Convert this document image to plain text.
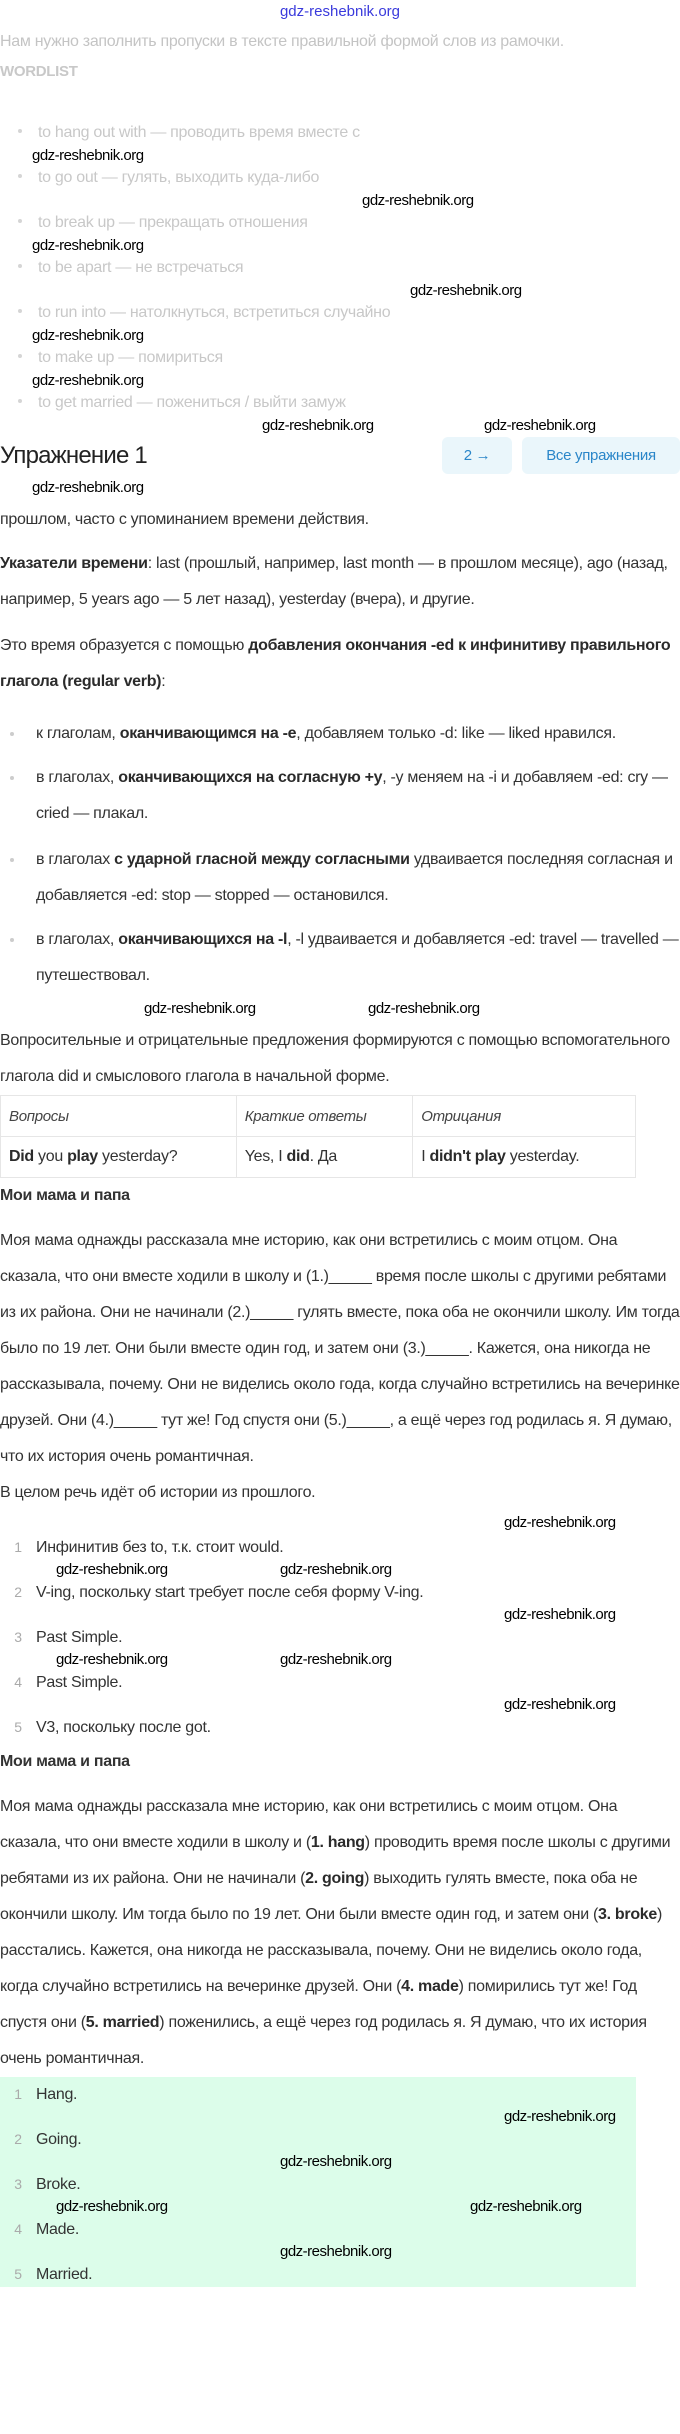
gdz-reshebnik.org
Нам нужно заполнить пропуски в тексте правильной формой слов из рамочки.
WORDLIST
to hang out with — проводить время вместе с
gdz-reshebnik.org
to go out — гулять, выходить куда-либо
gdz-reshebnik.org
to break up — прекращать отношения
gdz-reshebnik.org
to be apart — не встречаться
gdz-reshebnik.org
to run into — натолкнуться, встретиться случайно
gdz-reshebnik.org
to make up — помириться
gdz-reshebnik.org
to get married — пожениться / выйти замуж
gdz-reshebnik.org	gdz-reshebnik.org
Упражнение 1	2 →	Все упражнения
gdz-reshebnik.org
прошлом, часто с упоминанием времени действия.
Указатели времени: last (прошлый, например, last month — в прошлом месяце), ago (назад, например, 5 years ago — 5 лет назад), yesterday (вчера), и другие.
Это время образуется с помощью добавления окончания -ed к инфинитиву правильного глагола (regular verb):
к глаголам, оканчивающимся на -e, добавляем только -d: like — liked нравился.
в глаголах, оканчивающихся на согласную +y, -y меняем на -i и добавляем -ed: cry — cried — плакал.
в глаголах с ударной гласной между согласными удваивается последняя согласная и добавляется -ed: stop — stopped — остановился.
в глаголах, оканчивающихся на -l, -l удваивается и добавляется -ed: travel — travelled —путешествовал.
gdz-reshebnik.org	gdz-reshebnik.org
Вопросительные и отрицательные предложения формируются с помощью вспомогательного глагола did и смыслового глагола в начальной форме.
Вопросы	Краткие ответы	Отрицания
Did you play yesterday?	Yes, I did. Да	I didn't play yesterday.
Мои мама и папа
Моя мама однажды рассказала мне историю, как они встретились с моим отцом. Она сказала, что они вместе ходили в школу и (1.)_____ время после школы с другими ребятами из их района. Они не начинали (2.)_____ гулять вместе, пока оба не окончили школу. Им тогда было по 19 лет. Они были вместе один год, и затем они (3.)_____. Кажется, она никогда не рассказывала, почему. Они не виделись около года, когда случайно встретились на вечеринке друзей. Они (4.)_____ тут же! Год спустя они (5.)_____, а ещё через год родилась я. Я думаю, что их история очень романтичная.
В целом речь идёт об истории из прошлого.
gdz-reshebnik.org
1 Инфинитив без to, т.к. стоит would.
gdz-reshebnik.org	gdz-reshebnik.org
2 V-ing, поскольку start требует после себя форму V-ing.
gdz-reshebnik.org
3 Past Simple.
gdz-reshebnik.org	gdz-reshebnik.org
4 Past Simple.
gdz-reshebnik.org
5 V3, поскольку после got.
Мои мама и папа
Моя мама однажды рассказала мне историю, как они встретились с моим отцом. Она сказала, что они вместе ходили в школу и (1. hang) проводить время после школы с другими ребятами из их района. Они не начинали (2. going) выходить гулять вместе, пока оба не окончили школу. Им тогда было по 19 лет. Они были вместе один год, и затем они (3. broke) расстались. Кажется, она никогда не рассказывала, почему. Они не виделись около года, когда случайно встретились на вечеринке друзей. Они (4. made) помирились тут же! Год спустя они (5. married) поженились, а ещё через год родилась я. Я думаю, что их история очень романтичная.
1 Hang.
gdz-reshebnik.org
2 Going.
gdz-reshebnik.org
3 Broke.
gdz-reshebnik.org	gdz-reshebnik.org
4 Made.
gdz-reshebnik.org
5 Married.
